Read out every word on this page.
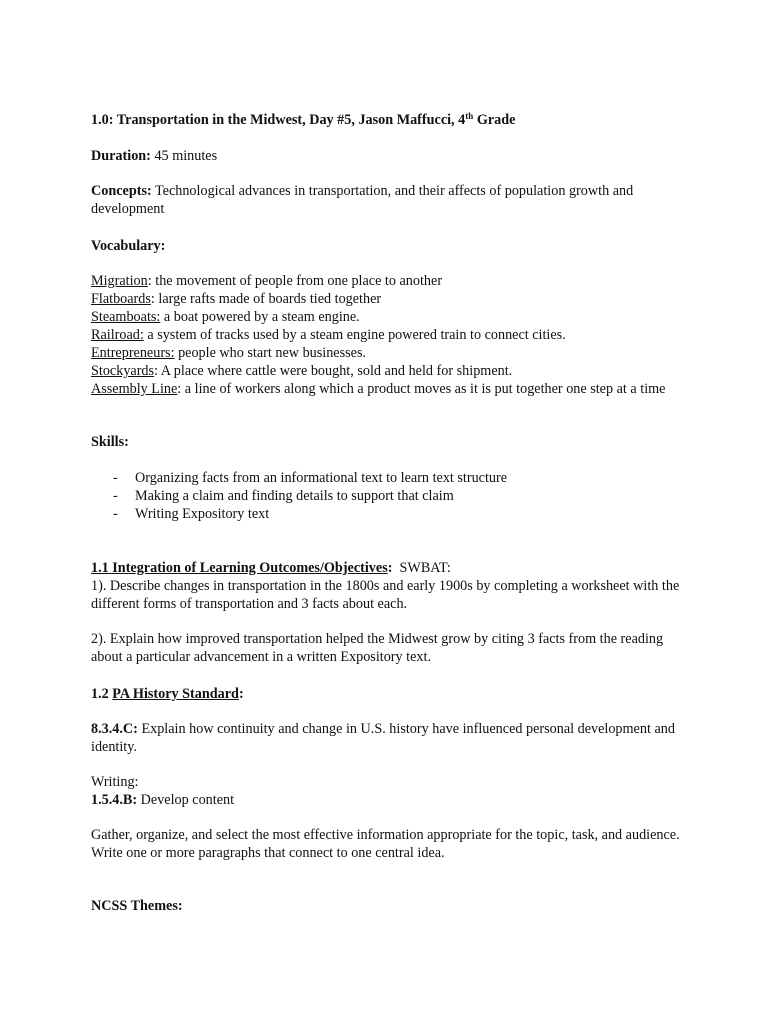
1.0: Transportation in the Midwest, Day #5, Jason Maffucci, 4th Grade
Duration: 45 minutes
Concepts: Technological advances in transportation, and their affects of population growth and development
Vocabulary:
Migration: the movement of people from one place to another
Flatboards: large rafts made of boards tied together
Steamboats: a boat powered by a steam engine.
Railroad: a system of tracks used by a steam engine powered train to connect cities.
Entrepreneurs: people who start new businesses.
Stockyards: A place where cattle were bought, sold and held for shipment.
Assembly Line: a line of workers along which a product moves as it is put together one step at a time
Skills:
- Organizing facts from an informational text to learn text structure
- Making a claim and finding details to support that claim
- Writing Expository text
1.1 Integration of Learning Outcomes/Objectives:  SWBAT:
1). Describe changes in transportation in the 1800s and early 1900s by completing a worksheet with the different forms of transportation and 3 facts about each.
2). Explain how improved transportation helped the Midwest grow by citing 3 facts from the reading about a particular advancement in a written Expository text.
1.2 PA History Standard:
8.3.4.C: Explain how continuity and change in U.S. history have influenced personal development and identity.
Writing:
1.5.4.B: Develop content
Gather, organize, and select the most effective information appropriate for the topic, task, and audience.
Write one or more paragraphs that connect to one central idea.
NCSS Themes:
